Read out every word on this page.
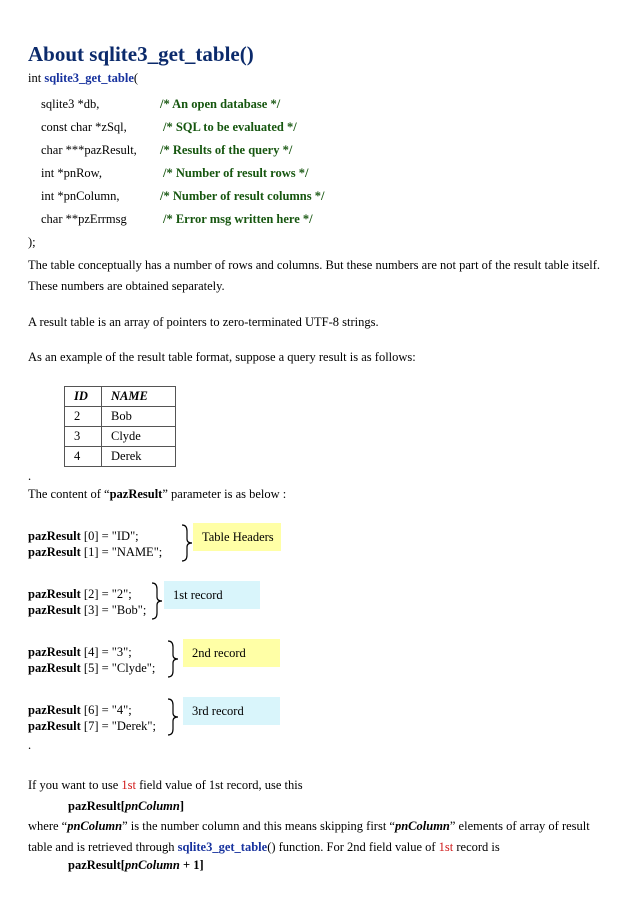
About sqlite3_get_table()
int sqlite3_get_table(
sqlite3 *db,	/* An open database */
const char *zSql,	/* SQL to be evaluated */
char ***pazResult, /* Results of the query */
int *pnRow,	/* Number of result rows */
int *pnColumn,	/* Number of result columns */
char **pzErrmsg	/* Error msg written here */
);
The table conceptually has a number of rows and columns. But these numbers are not part of the result table itself. These numbers are obtained separately.
A result table is an array of pointers to zero-terminated UTF-8 strings.
As an example of the result table format, suppose a query result is as follows:
ID	NAME
2	Bob
3	Clyde
4	Derek
.
The content of “pazResult” parameter is as below :
pazResult [0] = "ID";
pazResult [1] = "NAME";
pazResult [2] = "2";
pazResult [3] = "Bob";
pazResult [4] = "3";
pazResult [5] = "Clyde";
pazResult [6] = "4";
pazResult [7] = "Derek";
Table Headers
1st record
2nd record
3rd record
.
If you want to use 1st field value of 1st record, use this
pazResult[pnColumn]
where “pnColumn” is the number column and this means skipping first “pnColumn” elements of array of result table and is retrieved through sqlite3_get_table() function. For 2nd field value of 1st record is
pazResult[pnColumn + 1]
